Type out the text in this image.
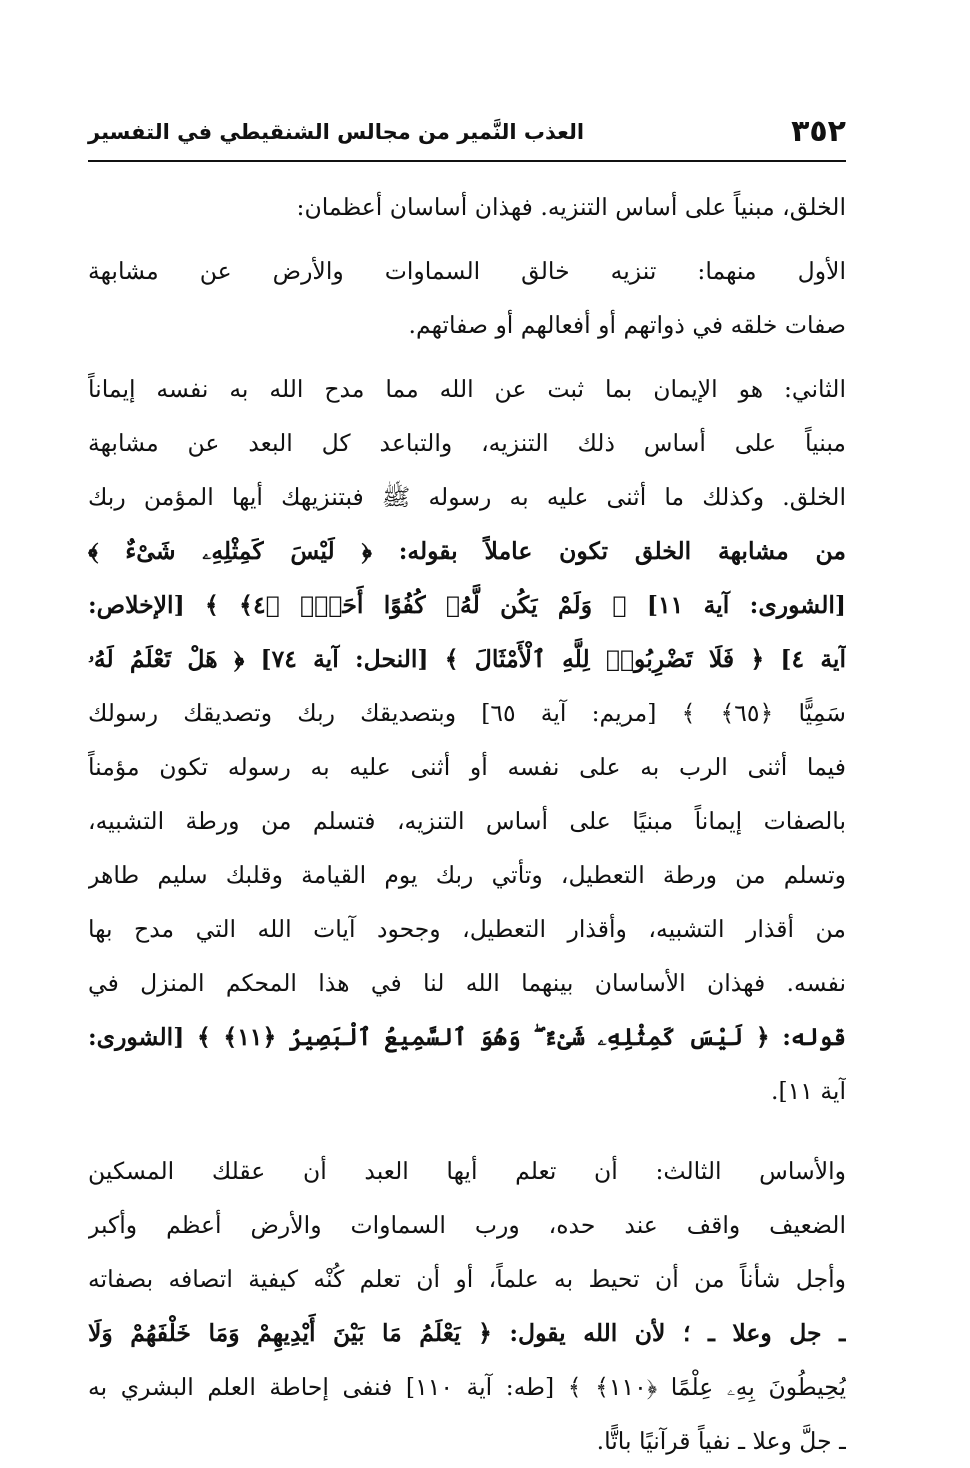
٣٥٢
العذب النَّمير من مجالس الشنقيطي في التفسير
الخلق، مبنياً على أساس التنزيه. فهذان أساسان أعظمان:
الأول منهما: تنزيه خالق السماوات والأرض عن مشابهة
صفات خلقه في ذواتهم أو أفعالهم أو صفاتهم.
الثاني: هو الإيمان بما ثبت عن الله مما مدح الله به نفسه إيماناً
مبنياً على أساس ذلك التنزيه، والتباعد كل البعد عن مشابهة
الخلق. وكذلك ما أثنى عليه به رسوله ﷺ فبتنزيهك أيها المؤمن ربك
من مشابهة الخلق تكون عاملاً بقوله: ﴿ لَيْسَ كَمِثْلِهِۦ شَىْءٌ ﴾
[الشورى: آية ١١] ﴿ وَلَمْ يَكُن لَّهُۥ كُفُوًا أَحَدٌۢ ﴿٤﴾ ﴾ [الإخلاص:
آية ٤] ﴿ فَلَا تَضْرِبُوا۟ لِلَّهِ ٱلْأَمْثَالَ ﴾ [النحل: آية ٧٤] ﴿ هَلْ تَعْلَمُ لَهُۥ
سَمِيًّا ﴿٦٥﴾ ﴾ [مريم: آية ٦٥] وبتصديقك ربك وتصديقك رسولك
فيما أثنى الرب به على نفسه أو أثنى عليه به رسوله تكون مؤمناً
بالصفات إيماناً مبنيًا على أساس التنزيه، فتسلم من ورطة التشبيه،
وتسلم من ورطة التعطيل، وتأتي ربك يوم القيامة وقلبك سليم طاهر
من أقذار التشبيه، وأقذار التعطيل، وجحود آيات الله التي مدح بها
نفسه. فهذان الأساسان بينهما الله لنا في هذا المحكم المنزل في
قوله: ﴿ لَيْسَ كَمِثْلِهِۦ شَىْءٌ ۖ وَهُوَ ٱلسَّمِيعُ ٱلْبَصِيرُ ﴿١١﴾ ﴾ [الشورى:
آية ١١].
والأساس الثالث: أن تعلم أيها العبد أن عقلك المسكين
الضعيف واقف عند حده، ورب السماوات والأرض أعظم وأكبر
وأجل شأناً من أن تحيط به علماً، أو أن تعلم كُنْه كيفية اتصافه بصفاته
ـ جل وعلا ـ ؛ لأن الله يقول: ﴿ يَعْلَمُ مَا بَيْنَ أَيْدِيهِمْ وَمَا خَلْفَهُمْ وَلَا
يُحِيطُونَ بِهِۦ عِلْمًا ﴿١١٠﴾ ﴾ [طه: آية ١١٠] فنفى إحاطة العلم البشري به
ـ جلَّ وعلا ـ نفياً قرآنيًا باتًّا.
